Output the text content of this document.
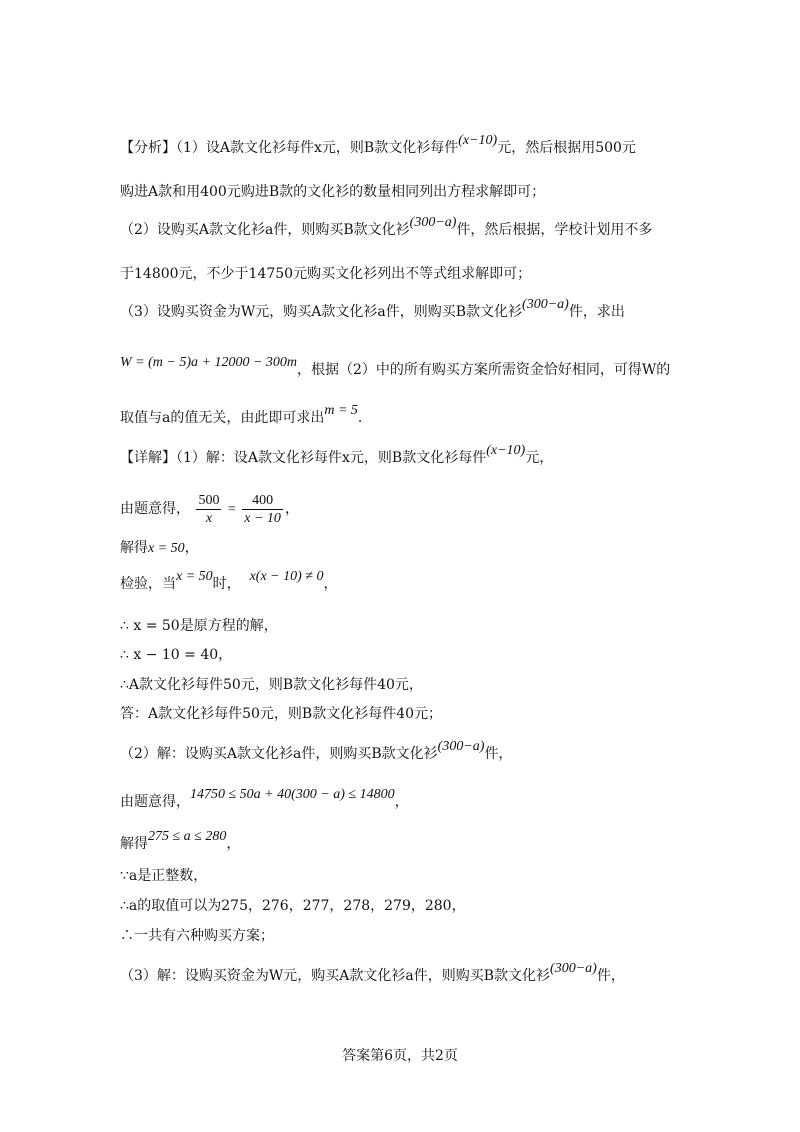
【分析】（1）设A款文化衫每件x元，则B款文化衫每件(x−10)元，然后根据用500元
购进A款和用400元购进B款的文化衫的数量相同列出方程求解即可；
（2）设购买A款文化衫a件，则购买B款文化衫(300−a)件，然后根据，学校计划用不多
于14800元，不少于14750元购买文化衫列出不等式组求解即可；
（3）设购买资金为W元，购买A款文化衫a件，则购买B款文化衫(300−a)件，求出
W = (m − 5)a + 12000 − 300m，根据（2）中的所有购买方案所需资金恰好相同，可得W的
取值与a的值无关，由此即可求出m = 5.
【详解】（1）解：设A款文化衫每件x元，则B款文化衫每件(x−10)元，
由题意得， $\frac{500}{x} = \frac{400}{x - 10}$ ，
解得x = 50，
检验，当x = 50时， x(x − 10) ≠ 0，
∴ x = 50是原方程的解，
∴ x − 10 = 40，
∴A款文化衫每件50元，则B款文化衫每件40元，
答：A款文化衫每件50元，则B款文化衫每件40元；
（2）解：设购买A款文化衫a件，则购买B款文化衫(300−a)件，
由题意得，14750 ≤ 50a + 40(300 − a) ≤ 14800，
解得275 ≤ a ≤ 280，
∵a是正整数，
∴a的取值可以为275，276，277，278，279，280，
∴一共有六种购买方案；
（3）解：设购买资金为W元，购买A款文化衫a件，则购买B款文化衫(300−a)件，
答案第6页，共2页
